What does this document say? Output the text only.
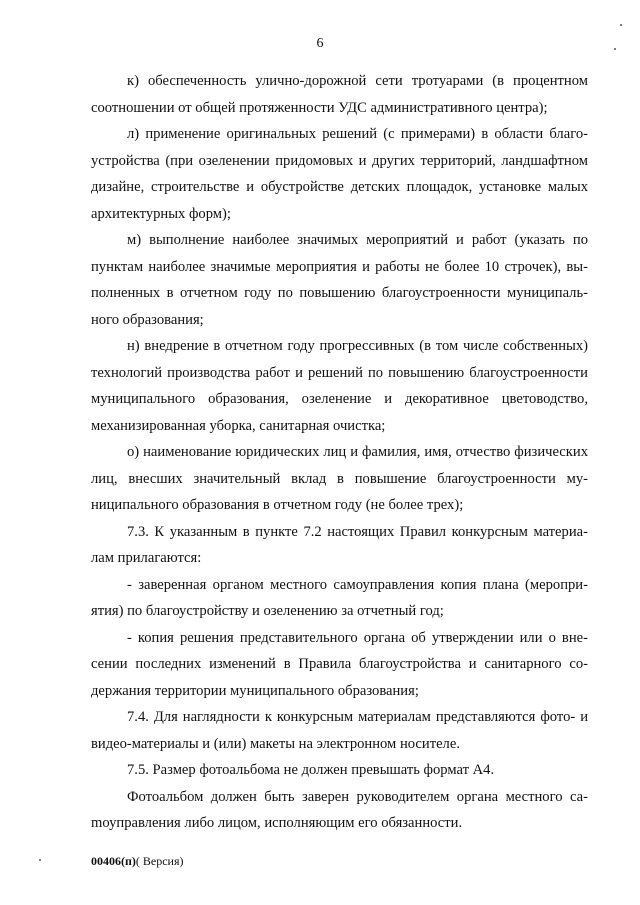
6

к) обеспеченность улично-дорожной сети тротуарами (в процентном соотношении от общей протяженности УДС административного центра);

л) применение оригинальных решений (с примерами) в области благоустройства (при озеленении придомовых и других территорий, ландшафтном дизайне, строительстве и обустройстве детских площадок, установке малых архитектурных форм);

м) выполнение наиболее значимых мероприятий и работ (указать по пунктам наиболее значимые мероприятия и работы не более 10 строчек), выполненных в отчетном году по повышению благоустроенности муниципального образования;

н) внедрение в отчетном году прогрессивных (в том числе собственных) технологий производства работ и решений по повышению благоустроенности муниципального образования, озеленение и декоративное цветоводство, механизированная уборка, санитарная очистка;

о) наименование юридических лиц и фамилия, имя, отчество физических лиц, внесших значительный вклад в повышение благоустроенности муниципального образования в отчетном году (не более трех);

7.3. К указанным в пункте 7.2 настоящих Правил конкурсным материалам прилагаются:

- заверенная органом местного самоуправления копия плана (мероприятия) по благоустройству и озеленению за отчетный год;

- копия решения представительного органа об утверждении или о внесении последних изменений в Правила благоустройства и санитарного содержания территории муниципального образования;

7.4. Для наглядности к конкурсным материалам представляются фото- и видео-материалы и (или) макеты на электронном носителе.

7.5. Размер фотоальбома не должен превышать формат А4.

Фотоальбом должен быть заверен руководителем органа местного саmоуправления либо лицом, исполняющим его обязанности.

00406(п)( Версия)
